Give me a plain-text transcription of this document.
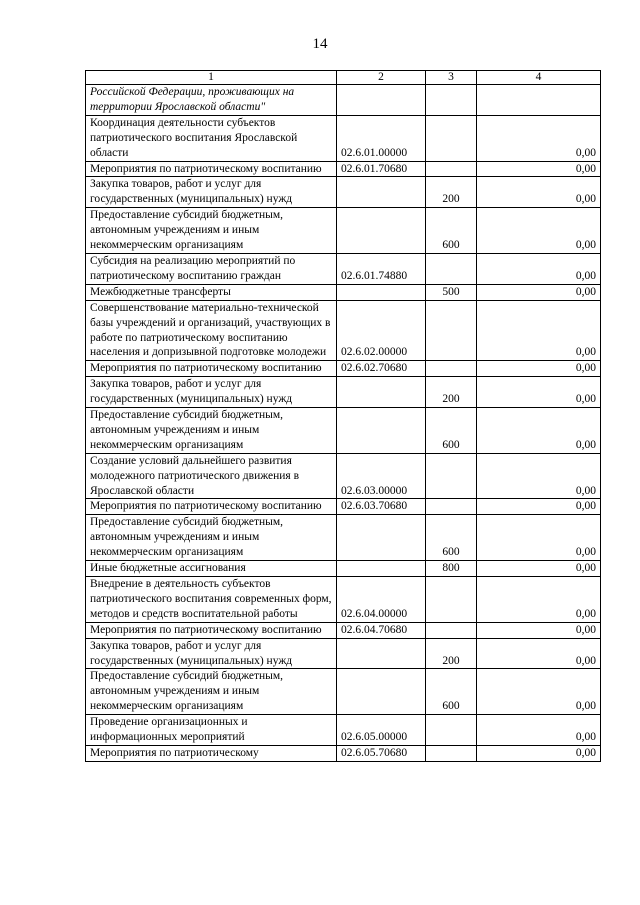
14
1	2	3	4
Российской Федерации, проживающих на территории Ярославской области"			
Координация деятельности субъектов патриотического воспитания Ярославской области	02.6.01.00000		0,00
Мероприятия по патриотическому воспитанию	02.6.01.70680		0,00
Закупка товаров, работ и услуг для государственных (муниципальных) нужд		200	0,00
Предоставление субсидий бюджетным, автономным учреждениям и иным некоммерческим организациям		600	0,00
Субсидия на реализацию мероприятий по патриотическому воспитанию граждан	02.6.01.74880		0,00
Межбюджетные трансферты		500	0,00
Совершенствование материально-технической базы учреждений и организаций, участвующих в работе по патриотическому воспитанию населения и допризывной подготовке молодежи	02.6.02.00000		0,00
Мероприятия по патриотическому воспитанию	02.6.02.70680		0,00
Закупка товаров, работ и услуг для государственных (муниципальных) нужд		200	0,00
Предоставление субсидий бюджетным, автономным учреждениям и иным некоммерческим организациям		600	0,00
Создание условий дальнейшего развития молодежного патриотического движения в Ярославской области	02.6.03.00000		0,00
Мероприятия по патриотическому воспитанию	02.6.03.70680		0,00
Предоставление субсидий бюджетным, автономным учреждениям и иным некоммерческим организациям		600	0,00
Иные бюджетные ассигнования		800	0,00
Внедрение в деятельность субъектов патриотического воспитания современных форм, методов и средств воспитательной работы	02.6.04.00000		0,00
Мероприятия по патриотическому воспитанию	02.6.04.70680		0,00
Закупка товаров, работ и услуг для государственных (муниципальных) нужд		200	0,00
Предоставление субсидий бюджетным, автономным учреждениям и иным некоммерческим организациям		600	0,00
Проведение организационных и информационных мероприятий	02.6.05.00000		0,00
Мероприятия по патриотическому	02.6.05.70680		0,00
